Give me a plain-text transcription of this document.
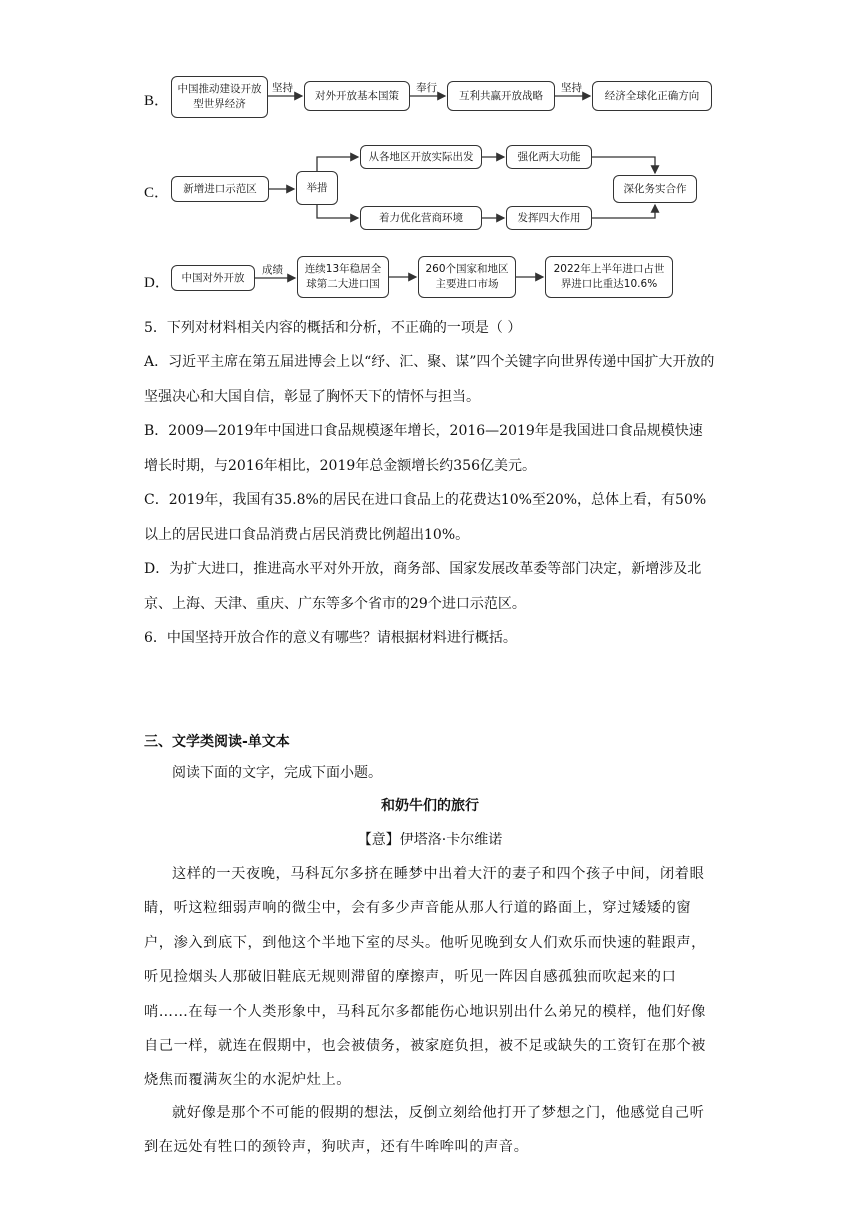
B．
中国推动建设开放型世界经济
对外开放基本国策	互利共赢开放战略	经济全球化正确方向
坚持	奉行	坚持
C．	新增进口示范区	举措
从各地区开放实际出发	强化两大功能
着力优化营商环境	发挥四大作用
深化务实合作
D．	中国对外开放
连续13年稳居全球第二大进口国
260个国家和地区主要进口市场
2022年上半年进口占世界进口比重达10.6%
成绩
5．下列对材料相关内容的概括和分析，不正确的一项是（ ）
A．习近平主席在第五届进博会上以“纾、汇、聚、谋”四个关键字向世界传递中国扩大开放的坚强决心和大国自信，彰显了胸怀天下的情怀与担当。
B．2009—2019年中国进口食品规模逐年增长，2016—2019年是我国进口食品规模快速增长时期，与2016年相比，2019年总金额增长约356亿美元。
C．2019年，我国有35.8%的居民在进口食品上的花费达10%至20%，总体上看，有50%以上的居民进口食品消费占居民消费比例超出10%。
D．为扩大进口，推进高水平对外开放，商务部、国家发展改革委等部门决定，新增涉及北京、上海、天津、重庆、广东等多个省市的29个进口示范区。
6．中国坚持开放合作的意义有哪些？请根据材料进行概括。
三、文学类阅读-单文本
阅读下面的文字，完成下面小题。
和奶牛们的旅行
【意】伊塔洛·卡尔维诺
这样的一天夜晚，马科瓦尔多挤在睡梦中出着大汗的妻子和四个孩子中间，闭着眼睛，听这粒细弱声响的微尘中，会有多少声音能从那人行道的路面上，穿过矮矮的窗户，渗入到底下，到他这个半地下室的尽头。他听见晚到女人们欢乐而快速的鞋跟声，听见捡烟头人那破旧鞋底无规则滞留的摩擦声，听见一阵因自感孤独而吹起来的口哨……在每一个人类形象中，马科瓦尔多都能伤心地识别出什么弟兄的模样，他们好像自己一样，就连在假期中，也会被债务，被家庭负担，被不足或缺失的工资钉在那个被烧焦而覆满灰尘的水泥炉灶上。
就好像是那个不可能的假期的想法，反倒立刻给他打开了梦想之门，他感觉自己听到在远处有牲口的颈铃声，狗吠声，还有牛哞哞叫的声音。
